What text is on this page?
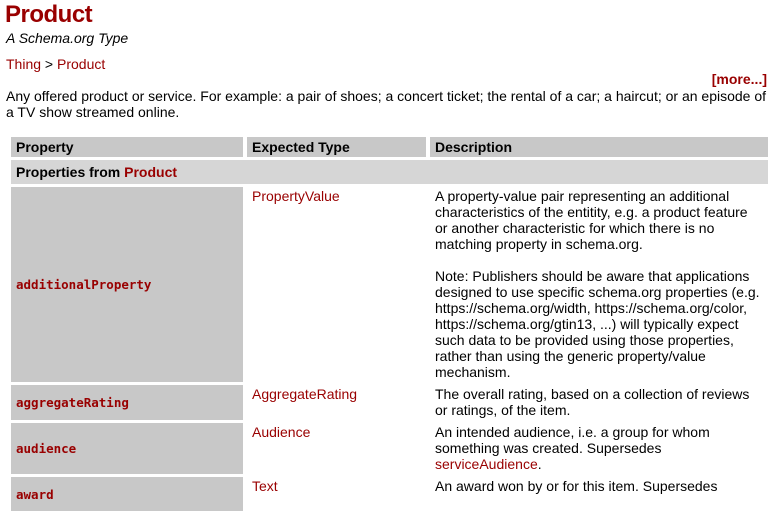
Product
A Schema.org Type
Thing > Product
[more...]
Any offered product or service. For example: a pair of shoes; a concert ticket; the rental of a car; a haircut; or an episode of a TV show streamed online.
Property	Expected Type	Description
Properties from Product		
additionalProperty	PropertyValue	A property-value pair representing an additional characteristics of the entitity, e.g. a product feature or another characteristic for which there is no matching property in schema.org.

Note: Publishers should be aware that applications designed to use specific schema.org properties (e.g. https://schema.org/width, https://schema.org/color, https://schema.org/gtin13, ...) will typically expect such data to be provided using those properties, rather than using the generic property/value mechanism.

aggregateRating	AggregateRating	The overall rating, based on a collection of reviews or ratings, of the item.

audience	Audience	An intended audience, i.e. a group for whom something was created. Supersedes
serviceAudience.

award	Text	An award won by or for this item. Supersedes
